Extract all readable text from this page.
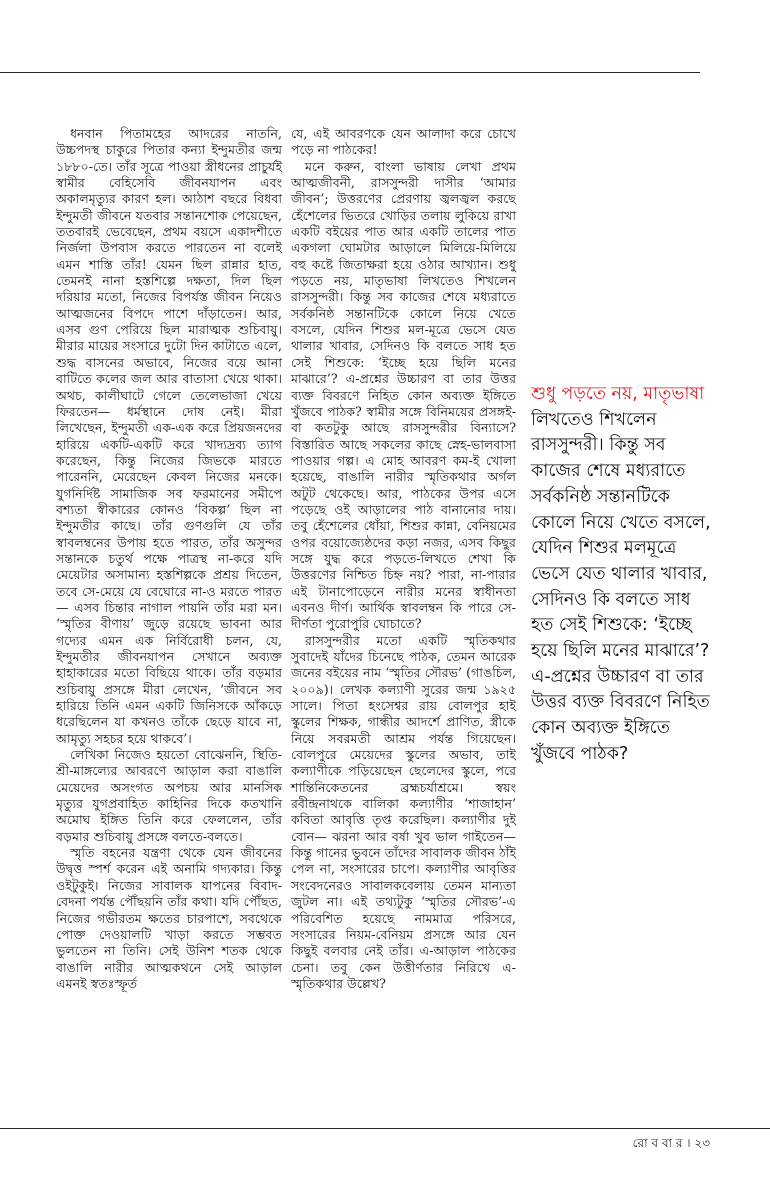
ধনবান পিতামহের আদরের নাতনি, উচ্চপদস্থ চাকুরে পিতার কন্যা ইন্দুমতীর জন্ম ১৮৮০-তে। তাঁর সূত্রে পাওয়া স্ত্রীধনের প্রাচুর্যই স্বামীর বেহিসেবি জীবনযাপন এবং অকালমৃত্যুর কারণ হল। আঠাশ বছরে বিধবা ইন্দুমতী জীবনে যতবার সন্তানশোক পেয়েছেন, ততবারই ভেবেছেন, প্রথম বয়সে একাদশীতে নির্জলা উপবাস করতে পারতেন না বলেই এমন শাস্তি তাঁর! যেমন ছিল রান্নার হাত, তেমনই নানা হস্তশিল্পে দক্ষতা, দিল ছিল দরিয়ার মতো, নিজের বিপর্যস্ত জীবন নিয়েও আত্মজনের বিপদে পাশে দাঁড়াতেন। আর, এসব গুণ পেরিয়ে ছিল মারাত্মক শুচিবায়ু। মীরার মায়ের সংসারে দুটো দিন কাটাতে এলে, শুদ্ধ বাসনের অভাবে, নিজের বয়ে আনা বাটিতে কলের জল আর বাতাসা খেয়ে থাকা। অথচ, কালীঘাটে গেলে তেলেভাজা খেয়ে ফিরতেন— ধর্মস্থানে দোষ নেই। মীরা লিখেছেন, ইন্দুমতী এক-এক করে প্রিয়জনদের হারিয়ে একটি-একটি করে খাদ্যদ্রব্য ত্যাগ করেছেন, কিন্তু নিজের জিভকে মারতে পারেননি, মেরেছেন কেবল নিজের মনকে। যুগনির্দিষ্ট সামাজিক সব ফরমানের সমীপে বশ্যতা স্বীকারের কোনও ‘বিকল্প’ ছিল না ইন্দুমতীর কাছে। তাঁর গুণগুলি যে তাঁর স্বাবলম্বনের উপায় হতে পারত, তাঁর অসুন্দর সন্তানকে চতুর্থ পক্ষে পাত্রস্থ না-করে যদি মেয়েটার অসামান্য হস্তশিল্পকে প্রশ্রয় দিতেন, তবে সে-মেয়ে যে বেঘোরে না-ও মরতে পারত— এসব চিন্তার নাগাল পায়নি তাঁর মরা মন। ‘স্মৃতির বীণায়’ জুড়ে রয়েছে ভাবনা আর গদ্যের এমন এক নির্বিরোধী চলন, যে, ইন্দুমতীর জীবনযাপন সেখানে অব্যক্ত হাহাকারের মতো বিছিয়ে থাকে। তাঁর বড়মার শুচিবায়ু প্রসঙ্গে মীরা লেখেন, ‘জীবনে সব হারিয়ে তিনি এমন একটি জিনিসকে আঁকড়ে ধরেছিলেন যা কখনও তাঁকে ছেড়ে যাবে না, আমৃত্যু সহচর হয়ে থাকবে’।

লেখিকা নিজেও হয়তো বোঝেননি, স্থিতি-শ্রী-মাঙ্গল্যের আবরণে আড়াল করা বাঙালি মেয়েদের অসংগত অপচয় আর মানসিক মৃত্যুর যুগপ্রবাহিত কাহিনির দিকে কতখানি অমোঘ ইঙ্গিত তিনি করে ফেললেন, তাঁর বড়মার শুচিবায়ু প্রসঙ্গে বলতে-বলতে।

স্মৃতি বহনের যন্ত্রণা থেকে যেন জীবনের উদ্বৃত্ত স্পর্শ করেন এই অনামি গদ্যকার। কিন্তু ওইটুকুই। নিজের সাবালক যাপনের বিবাদ-বেদনা পর্যন্ত পৌঁছয়নি তাঁর কথা। যদি পৌঁছত, নিজের গভীরতম ক্ষতের চারপাশে, সবথেকে পোক্ত দেওয়ালটি খাড়া করতে সম্ভবত ভুলতেন না তিনি। সেই উনিশ শতক থেকে বাঙালি নারীর আত্মকথনে সেই আড়াল এমনই স্বতঃস্ফূর্ত

যে, এই আবরণকে যেন আলাদা করে চোখে পড়ে না পাঠকের!

মনে করুন, বাংলা ভাষায় লেখা প্রথম আত্মজীবনী, রাসসুন্দরী দাসীর ‘আমার জীবন’; উত্তরণের প্রেরণায় জ্বলজ্বল করছে হেঁশেলের ভিতরে খোড়ির তলায় লুকিয়ে রাখা একটি বইয়ের পাত আর একটি তালের পাত একগলা ঘোমটার আড়ালে মিলিয়ে-মিলিয়ে বহু কষ্টে জিতাক্ষরা হয়ে ওঠার আখ্যান। শুধু পড়তে নয়, মাতৃভাষা লিখতেও শিখলেন রাসসুন্দরী। কিন্তু সব কাজের শেষে মধ্যরাতে সর্বকনিষ্ঠ সন্তানটিকে কোলে নিয়ে খেতে বসলে, যেদিন শিশুর মল-মূত্রে ভেসে যেত থালার খাবার, সেদিনও কি বলতে সাধ হত সেই শিশুকে: ‘ইচ্ছে হয়ে ছিলি মনের মাঝারে’? এ-প্রশ্নের উচ্চারণ বা তার উত্তর ব্যক্ত বিবরণে নিহিত কোন অব্যক্ত ইঙ্গিতে খুঁজবে পাঠক? স্বামীর সঙ্গে বিনিময়ের প্রসঙ্গই-বা কতটুকু আছে রাসসুন্দরীর বিন্যাসে? বিস্তারিত আছে সকলের কাছে স্নেহ-ভালবাসা পাওয়ার গল্প। এ মোহ আবরণ কম-ই খোলা হয়েছে, বাঙালি নারীর স্মৃতিকথার অর্গল অটুট থেকেছে। আর, পাঠকের উপর এসে পড়েছে ওই আড়ালের পাঠ বানানোর দায়। তবু হেঁশেলের ধোঁয়া, শিশুর কান্না, বেনিয়মের ওপর বয়োজ্যেষ্ঠদের কড়া নজর, এসব কিছুর সঙ্গে যুদ্ধ করে পড়তে-লিখতে শেখা কি উত্তরণের নিশ্চিত চিহ্ন নয়? পারা, না-পারার এই টানাপোড়েনে নারীর মনের স্বাধীনতা এবনও দীর্ণ। আর্থিক স্বাবলম্বন কি পারে সে-দীর্ণতা পুরোপুরি ঘোচাতে?

রাসসুন্দরীর মতো একটি স্মৃতিকথার সুবাদেই যাঁদের চিনেছে পাঠক, তেমন আরেক জনের বইয়ের নাম ‘স্মৃতির সৌরভ’ (গাঙচিল, ২০০৯)। লেখক কল্যাণী সুরের জন্ম ১৯২৫ সালে। পিতা হংসেশ্বর রায় বোলপুর হাই স্কুলের শিক্ষক, গান্ধীর আদর্শে প্রাণিত, স্ত্রীকে নিয়ে সবরমতী আশ্রম পর্যন্ত গিয়েছেন। বোলপুরে মেয়েদের স্কুলের অভাব, তাই কল্যাণীকে পড়িয়েছেন ছেলেদের স্কুলে, পরে শান্তিনিকেতনের ব্রহ্মচর্যাশ্রমে। স্বয়ং রবীন্দ্রনাথকে বালিকা কল্যাণীর ‘শাজাহান’ কবিতা আবৃত্তি তৃপ্ত করেছিল। কল্যাণীর দুই বোন— ঝরনা আর বর্ষা খুব ভাল গাইতেন— কিন্তু গানের ভুবনে তাঁদের সাবালক জীবন ঠাঁই পেল না, সংসারের চাপে। কল্যাণীর আবৃত্তির সংবেদনেরও সাবালকবেলায় তেমন মান্যতা জুটল না। এই তথ্যটুকু ‘স্মৃতির সৌরভ’-এ পরিবেশিত হয়েছে নামমাত্র পরিসরে, সংসারের নিয়ম-বেনিয়ম প্রসঙ্গে আর যেন কিছুই বলবার নেই তাঁর। এ-আড়াল পাঠকের চেনা। তবু কেন উত্তীর্ণতার নিরিখে এ-স্মৃতিকথার উল্লেখ?

শুধু পড়তে নয়, মাতৃভাষা লিখতেও শিখলেন রাসসুন্দরী। কিন্তু সব কাজের শেষে মধ্যরাতে সর্বকনিষ্ঠ সন্তানটিকে কোলে নিয়ে খেতে বসলে, যেদিন শিশুর মলমূত্রে ভেসে যেত থালার খাবার, সেদিনও কি বলতে সাধ হত সেই শিশুকে: ‘ইচ্ছে হয়ে ছিলি মনের মাঝারে’? এ-প্রশ্নের উচ্চারণ বা তার উত্তর ব্যক্ত বিবরণে নিহিত কোন অব্যক্ত ইঙ্গিতে খুঁজবে পাঠক?
রো ব বা র । ২৩
